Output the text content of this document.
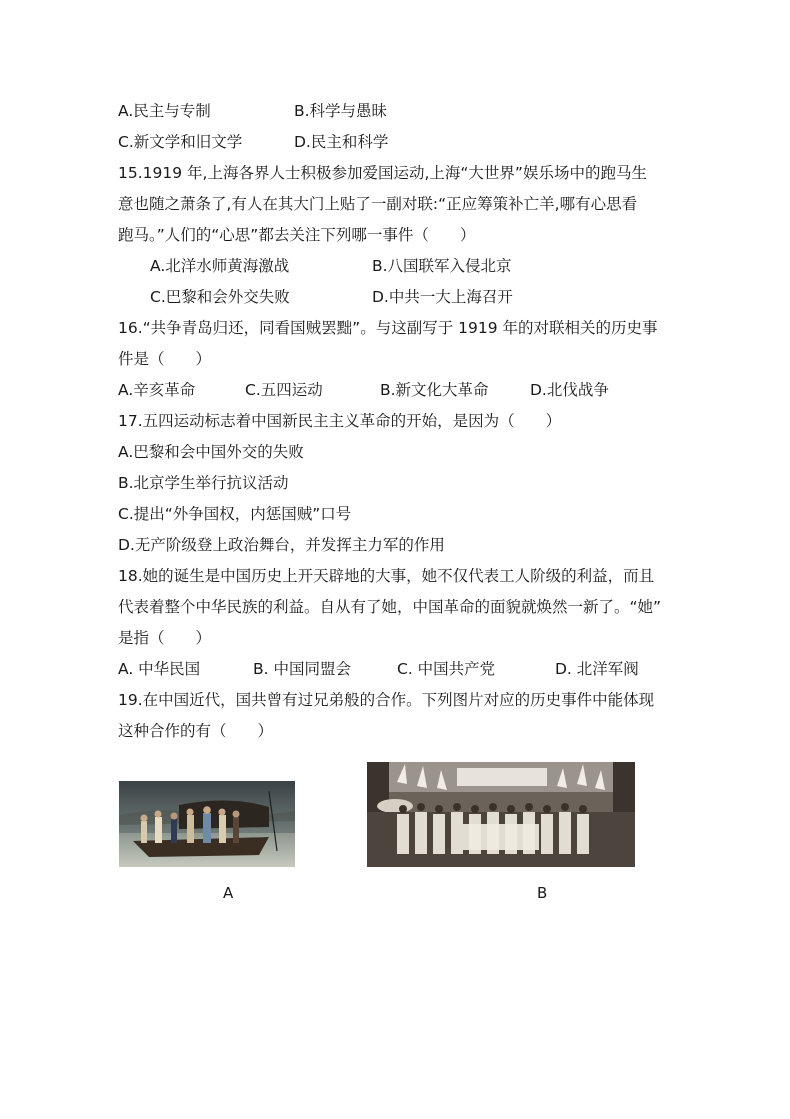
A.民主与专制	B.科学与愚昧
C.新文学和旧文学	D.民主和科学
15.1919 年,上海各界人士积极参加爱国运动,上海“大世界”娱乐场中的跑马生
意也随之萧条了,有人在其大门上贴了一副对联:“正应筹策补亡羊,哪有心思看
跑马。”人们的“心思”都去关注下列哪一事件（　　）
A.北洋水师黄海激战	B.八国联军入侵北京
C.巴黎和会外交失败	D.中共一大上海召开
16.“共争青岛归还，同看国贼罢黜”。与这副写于 1919 年的对联相关的历史事
件是（　　）
A.辛亥革命	C.五四运动	B.新文化大革命	D.北伐战争
17.五四运动标志着中国新民主主义革命的开始，是因为（　　）
A.巴黎和会中国外交的失败
B.北京学生举行抗议活动
C.提出“外争国权，内惩国贼”口号
D.无产阶级登上政治舞台，并发挥主力军的作用
18.她的诞生是中国历史上开天辟地的大事，她不仅代表工人阶级的利益，而且
代表着整个中华民族的利益。自从有了她，中国革命的面貌就焕然一新了。“她”
是指（　　）
A. 中华民国	B. 中国同盟会	C. 中国共产党	D. 北洋军阀
19.在中国近代，国共曾有过兄弟般的合作。下列图片对应的历史事件中能体现
这种合作的有（　　）
A	B
